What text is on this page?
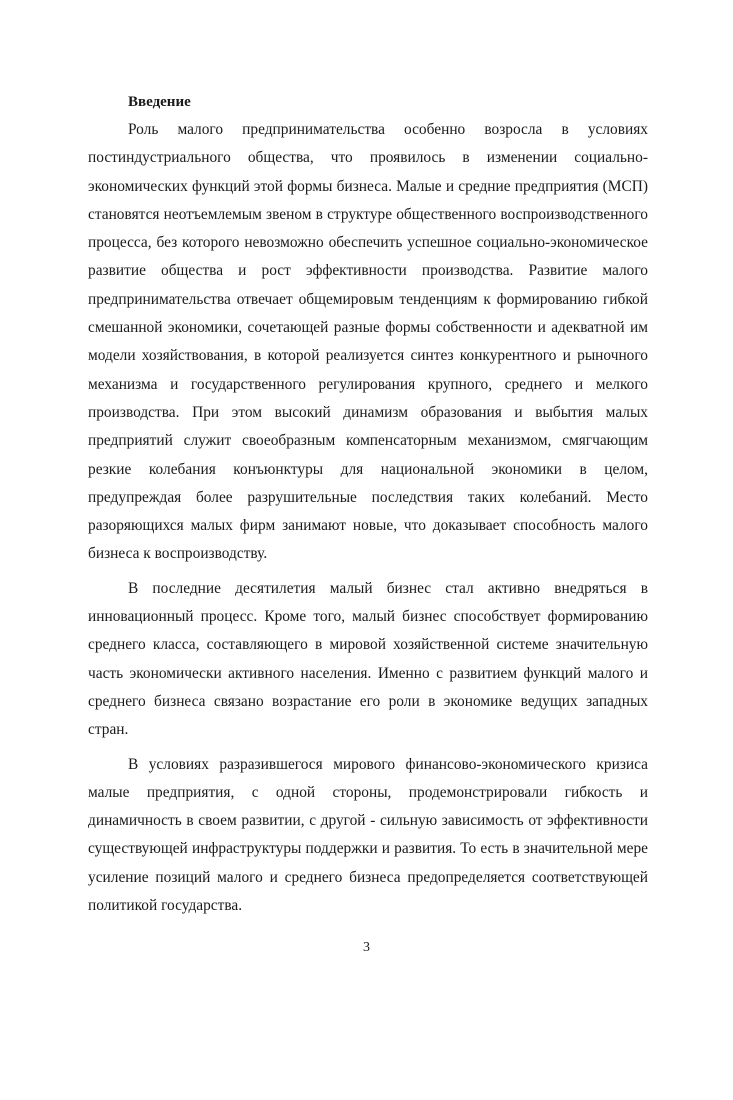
Введение

Роль малого предпринимательства особенно возросла в условиях постиндустриального общества, что проявилось в изменении социально-экономических функций этой формы бизнеса. Малые и средние предприятия (МСП) становятся неотъемлемым звеном в структуре общественного воспроизводственного процесса, без которого невозможно обеспечить успешное социально-экономическое развитие общества и рост эффективности производства. Развитие малого предпринимательства отвечает общемировым тенденциям к формированию гибкой смешанной экономики, сочетающей разные формы собственности и адекватной им модели хозяйствования, в которой реализуется синтез конкурентного и рыночного механизма и государственного регулирования крупного, среднего и мелкого производства. При этом высокий динамизм образования и выбытия малых предприятий служит своеобразным компенсаторным механизмом, смягчающим резкие колебания конъюнктуры для национальной экономики в целом, предупреждая более разрушительные последствия таких колебаний. Место разоряющихся малых фирм занимают новые, что доказывает способность малого бизнеса к воспроизводству.

В последние десятилетия малый бизнес стал активно внедряться в инновационный процесс. Кроме того, малый бизнес способствует формированию среднего класса, составляющего в мировой хозяйственной системе значительную часть экономически активного населения. Именно с развитием функций малого и среднего бизнеса связано возрастание его роли в экономике ведущих западных стран.

В условиях разразившегося мирового финансово-экономического кризиса малые предприятия, с одной стороны, продемонстрировали гибкость и динамичность в своем развитии, с другой - сильную зависимость от эффективности существующей инфраструктуры поддержки и развития. То есть в значительной мере усиление позиций малого и среднего бизнеса предопределяется соответствующей политикой государства.

3
